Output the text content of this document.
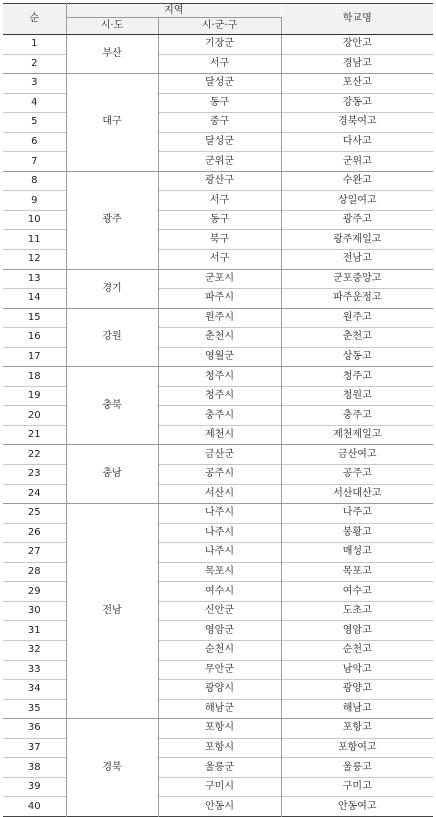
순	지역		학교명
	시·도	시·군·구	
1	부산	기장군	장안고
2		서구	경남고
3	대구	달성군	포산고
4		동구	강동고
5		중구	경북여고
6		달성군	다사고
7		군위군	군위고
8	광주	광산구	수완고
9		서구	상일여고
10		동구	광주고
11		북구	광주제일고
12		서구	전남고
13	경기	군포시	군포중앙고
14		파주시	파주운정고
15	강원	원주시	원주고
16		춘천시	춘천고
17		영월군	상동고
18	충북	청주시	청주고
19		청주시	청원고
20		충주시	충주고
21		제천시	제천제일고
22	충남	금산군	금산여고
23		공주시	공주고
24		서산시	서산대산고
25	전남	나주시	나주고
26		나주시	봉황고
27		나주시	매성고
28		목포시	목포고
29		여수시	여수고
30		신안군	도초고
31		영암군	영암고
32		순천시	순천고
33		무안군	남악고
34		광양시	광양고
35		해남군	해남고
36	경북	포항시	포항고
37		포항시	포항여고
38		울릉군	울릉고
39		구미시	구미고
40		안동시	안동여고
